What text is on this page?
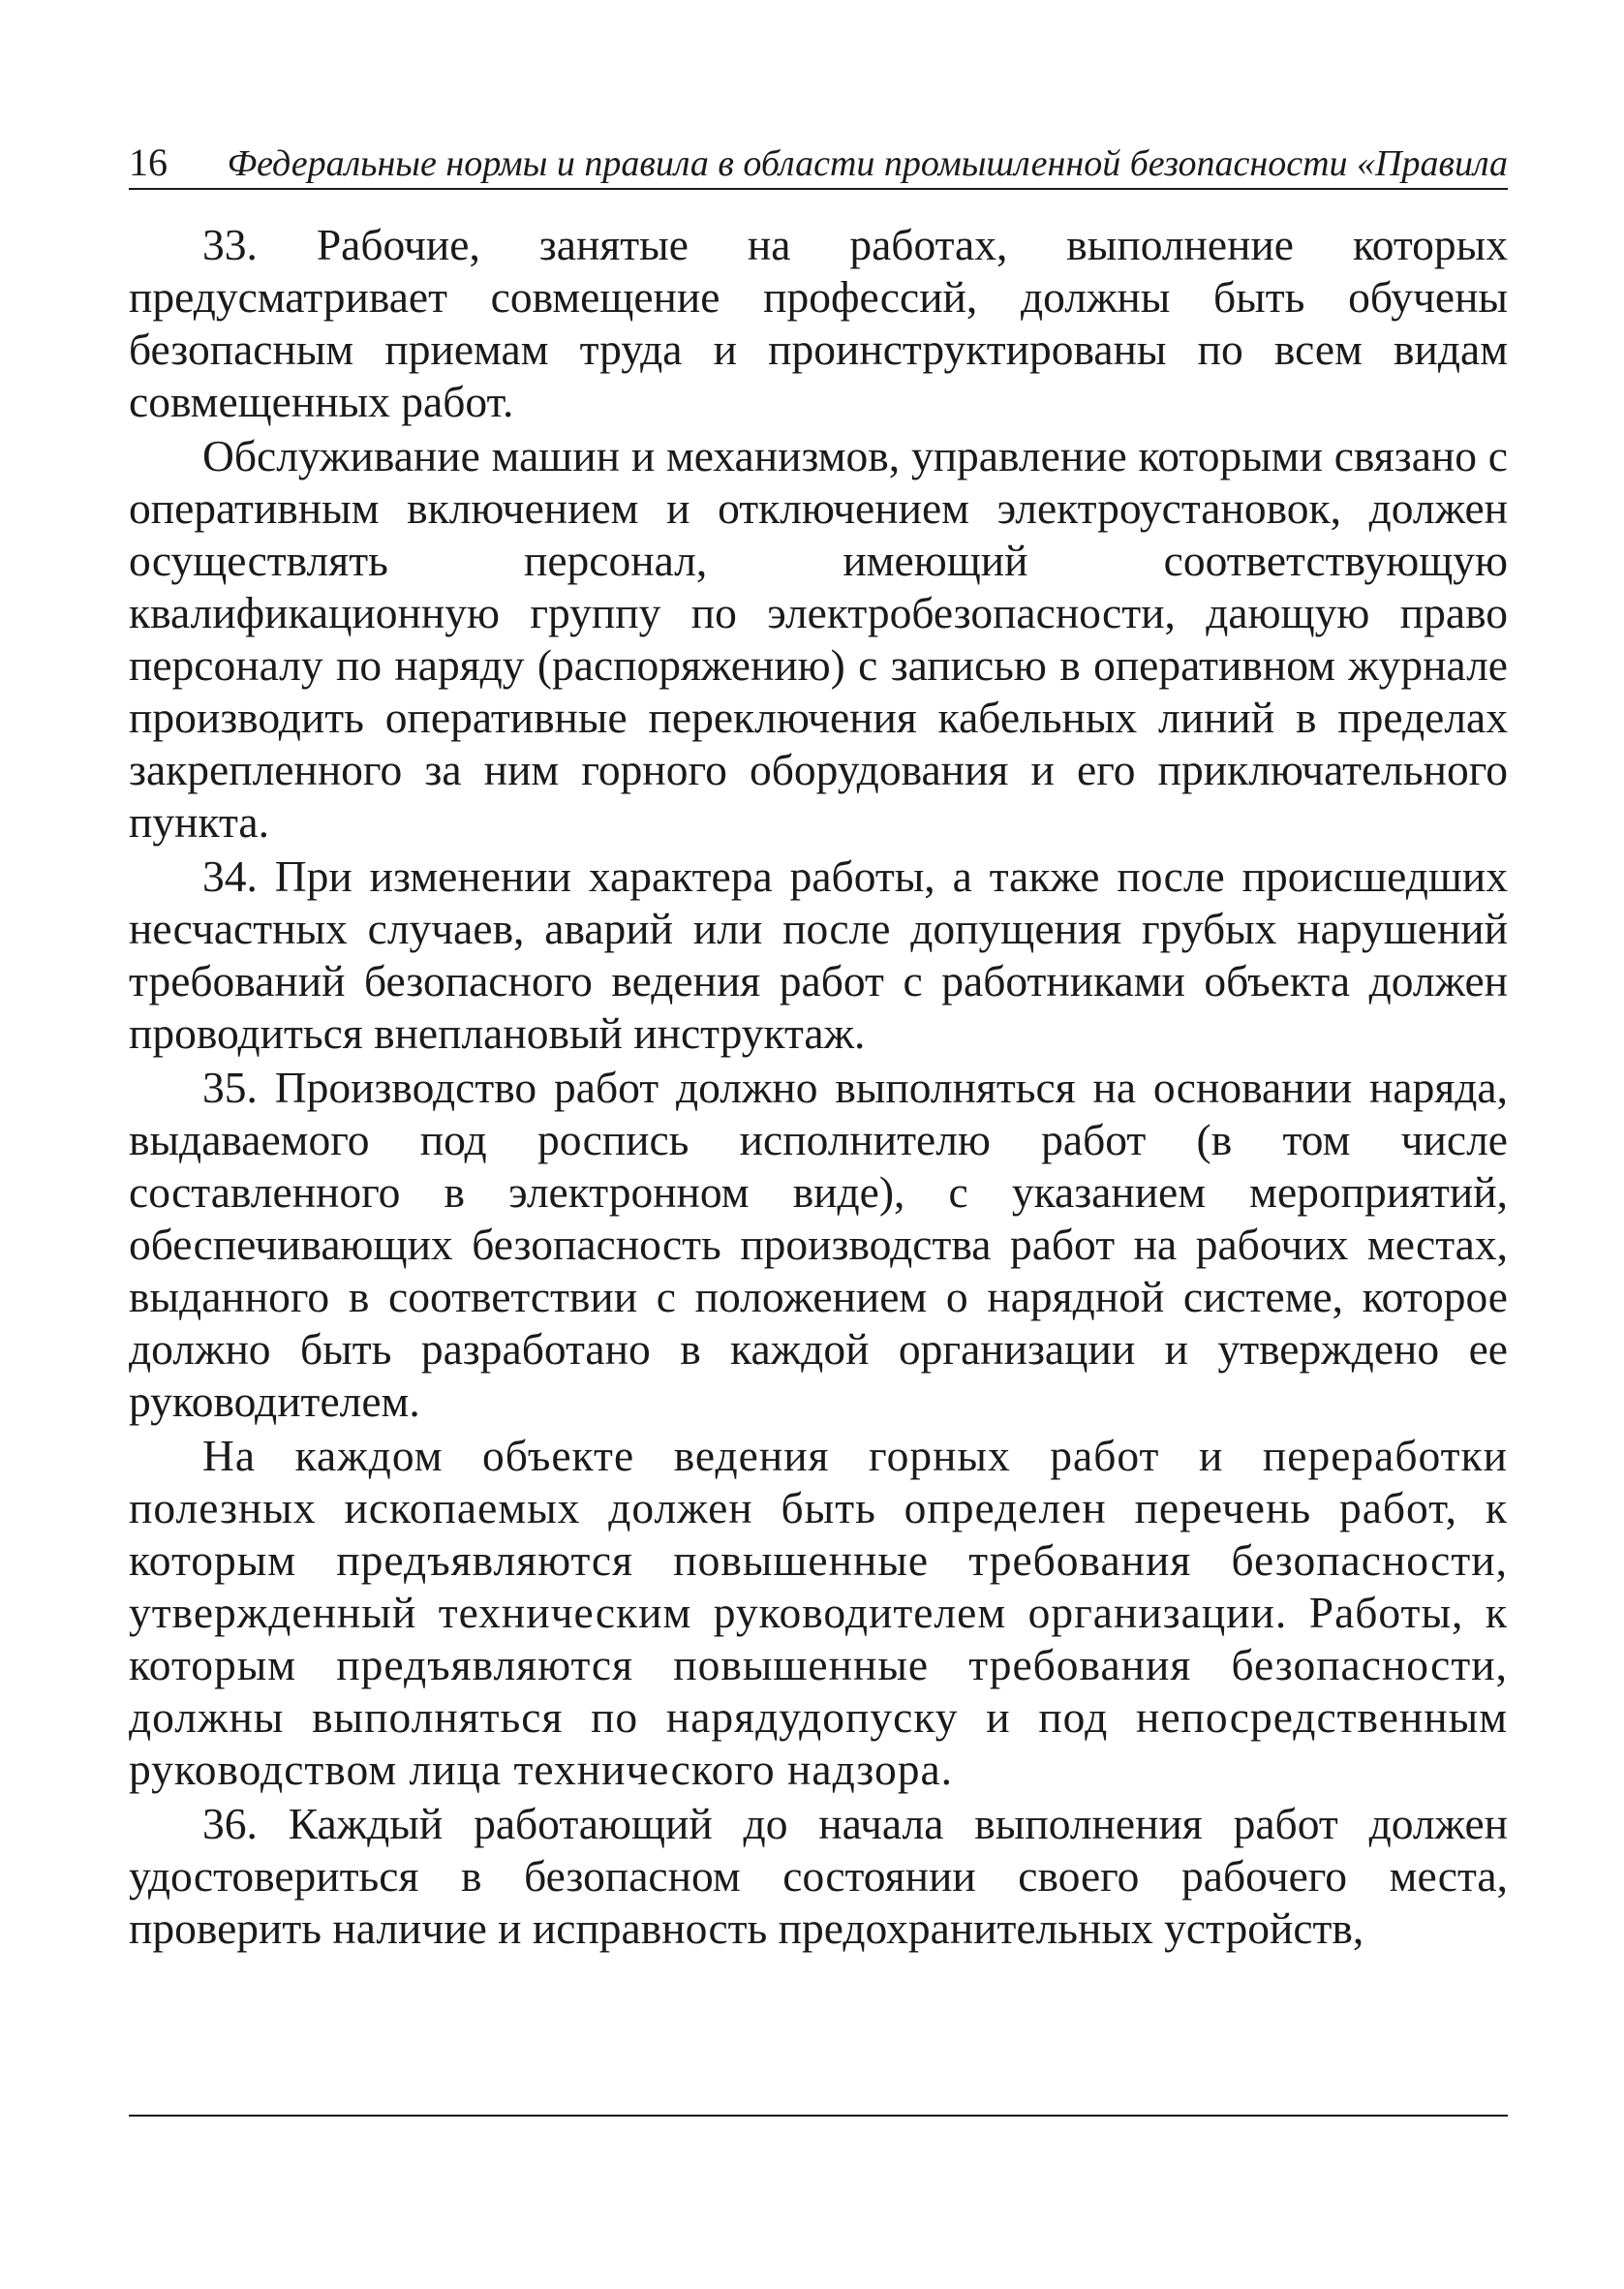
16 Федеральные нормы и правила в области промышленной безопасности «Правила

33. Рабочие, занятые на работах, выполнение которых предусматривает совмещение профессий, должны быть обучены безопасным приемам труда и проинструктированы по всем видам совмещенных работ.

Обслуживание машин и механизмов, управление которыми связано с оперативным включением и отключением электроустановок, должен осуществлять персонал, имеющий соответствующую квалификационную группу по электробезопасности, дающую право персоналу по наряду (распоряжению) с записью в оперативном журнале производить оперативные переключения кабельных линий в пределах закрепленного за ним горного оборудования и его приключательного пункта.

34. При изменении характера работы, а также после происшедших несчастных случаев, аварий или после допущения грубых нарушений требований безопасного ведения работ с работниками объекта должен проводиться внеплановый инструктаж.

35. Производство работ должно выполняться на основании наряда, выдаваемого под роспись исполнителю работ (в том числе составленного в электронном виде), с указанием мероприятий, обеспечивающих безопасность производства работ на рабочих местах, выданного в соответствии с положением о нарядной системе, которое должно быть разработано в каждой организации и утверждено ее руководителем.

На каждом объекте ведения горных работ и переработки полезных ископаемых должен быть определен перечень работ, к которым предъявляются повышенные требования безопасности, утвержденный техническим руководителем организации. Работы, к которым предъявляются повышенные требования безопасности, должны выполняться по нарядудопуску и под непосредственным руководством лица технического надзора.

36. Каждый работающий до начала выполнения работ должен удостовериться в безопасном состоянии своего рабочего места, проверить наличие и исправность предохранительных устройств,
